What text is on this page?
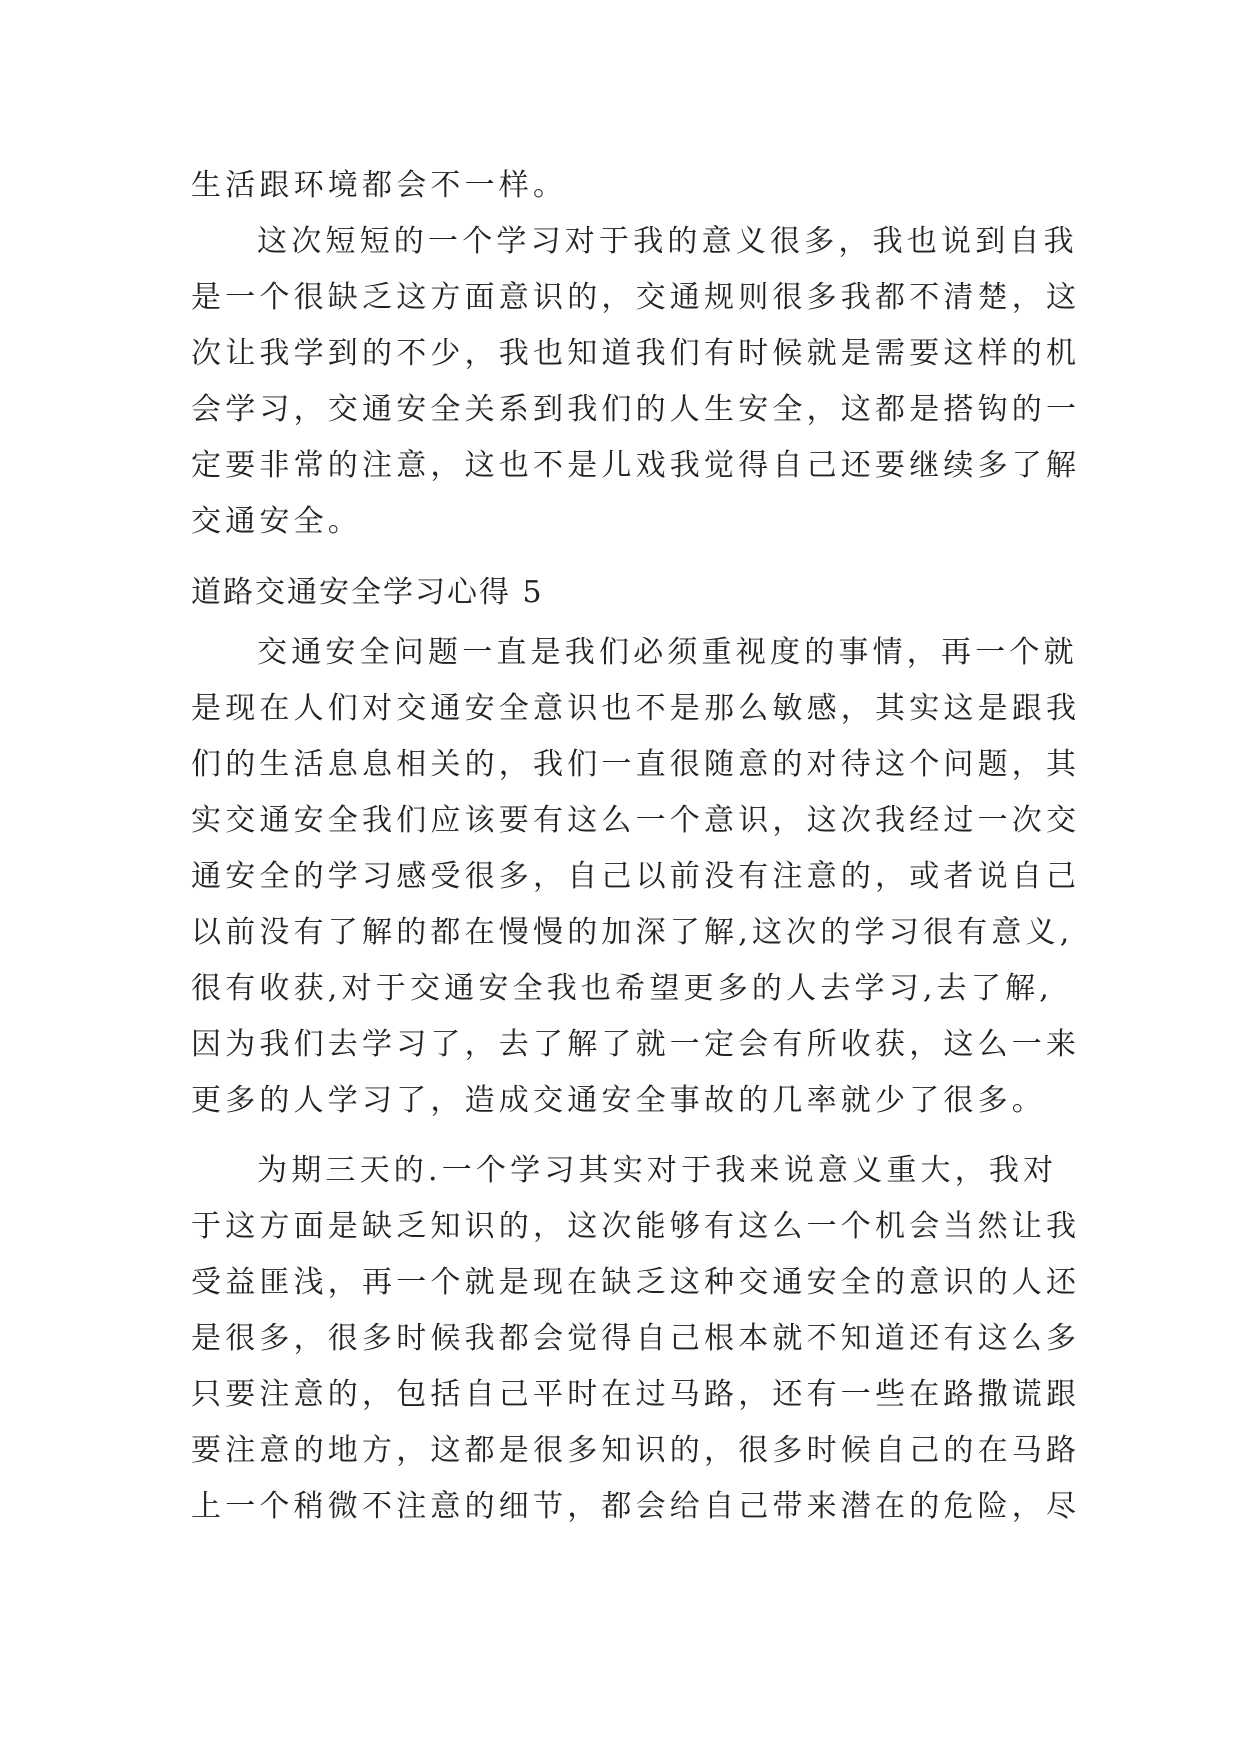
生活跟环境都会不一样。
这次短短的一个学习对于我的意义很多，我也说到自我
是一个很缺乏这方面意识的，交通规则很多我都不清楚，这
次让我学到的不少，我也知道我们有时候就是需要这样的机
会学习，交通安全关系到我们的人生安全，这都是搭钩的一
定要非常的注意，这也不是儿戏我觉得自己还要继续多了解
交通安全。
道路交通安全学习心得 5
交通安全问题一直是我们必须重视度的事情，再一个就
是现在人们对交通安全意识也不是那么敏感，其实这是跟我
们的生活息息相关的，我们一直很随意的对待这个问题，其
实交通安全我们应该要有这么一个意识，这次我经过一次交
通安全的学习感受很多，自己以前没有注意的，或者说自己
以前没有了解的都在慢慢的加深了解,这次的学习很有意义,
很有收获,对于交通安全我也希望更多的人去学习,去了解,
因为我们去学习了，去了解了就一定会有所收获，这么一来
更多的人学习了，造成交通安全事故的几率就少了很多。
为期三天的.一个学习其实对于我来说意义重大，我对
于这方面是缺乏知识的，这次能够有这么一个机会当然让我
受益匪浅，再一个就是现在缺乏这种交通安全的意识的人还
是很多，很多时候我都会觉得自己根本就不知道还有这么多
只要注意的，包括自己平时在过马路，还有一些在路撒谎跟
要注意的地方，这都是很多知识的，很多时候自己的在马路
上一个稍微不注意的细节，都会给自己带来潜在的危险，尽
